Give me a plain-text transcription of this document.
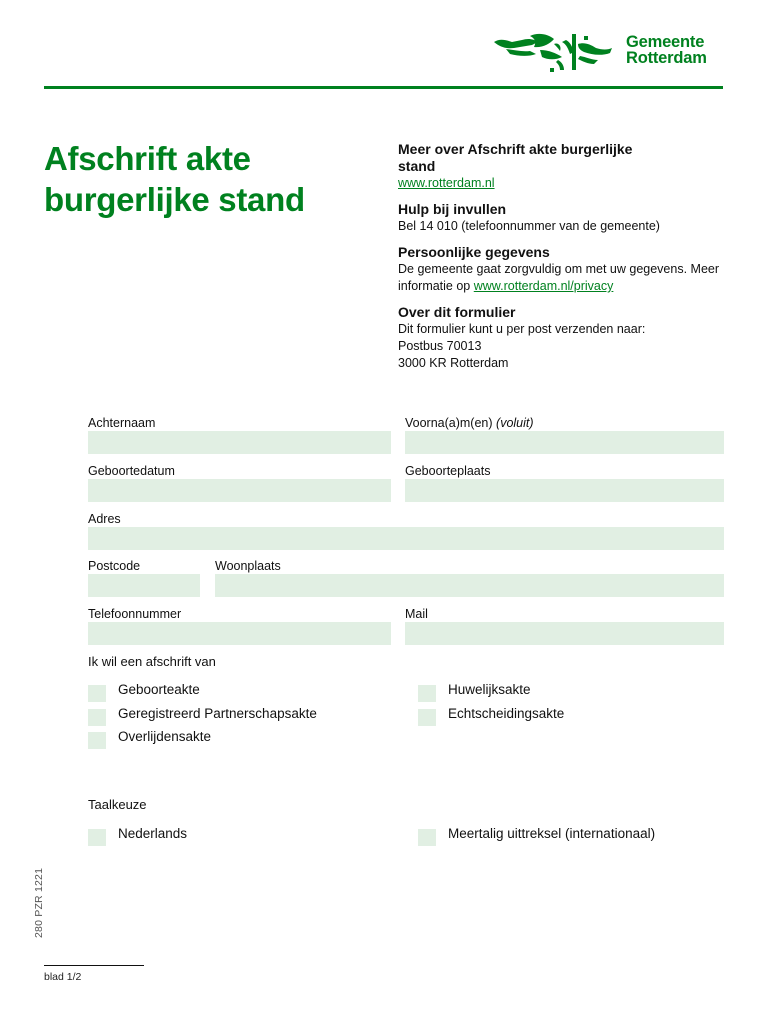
Gemeente
Rotterdam
Afschrift akte
burgerlijke stand

Meer over Afschrift akte burgerlijke stand

www.rotterdam.nl

Hulp bij invullen

Bel 14 010 (telefoonnummer van de gemeente)

Persoonlijke gegevens

De gemeente gaat zorgvuldig om met uw gegevens. Meer informatie op www.rotterdam.nl/privacy

Over dit formulier

Dit formulier kunt u per post verzenden naar:

Postbus 70013

3000 KR Rotterdam

Achternaam	Voorna(a)m(en) (voluit)
Geboortedatum	Geboorteplaats
Adres
Postcode	Woonplaats
Telefoonnummer	Mail
Ik wil een afschrift van
Geboorteakte	Huwelijksakte
Geregistreerd Partnerschapsakte	Echtscheidingsakte
Overlijdensakte
Taalkeuze
Nederlands	Meertalig uittreksel (internationaal)
280 PZR 1221
blad 1/2
